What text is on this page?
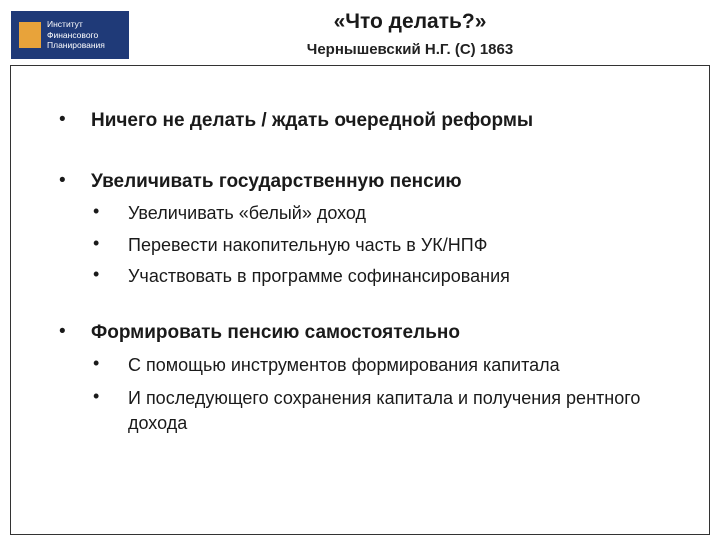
Институт
Финансового
Планирования
«Что делать?»
Чернышевский Н.Г. (С) 1863
• Ничего не делать / ждать очередной реформы
• Увеличивать государственную пенсию
• Увеличивать «белый» доход
• Перевести накопительную часть в УК/НПФ
• Участвовать в программе софинансирования
• Формировать пенсию самостоятельно
• С помощью инструментов формирования капитала
• И последующего сохранения капитала и получения рентного дохода
